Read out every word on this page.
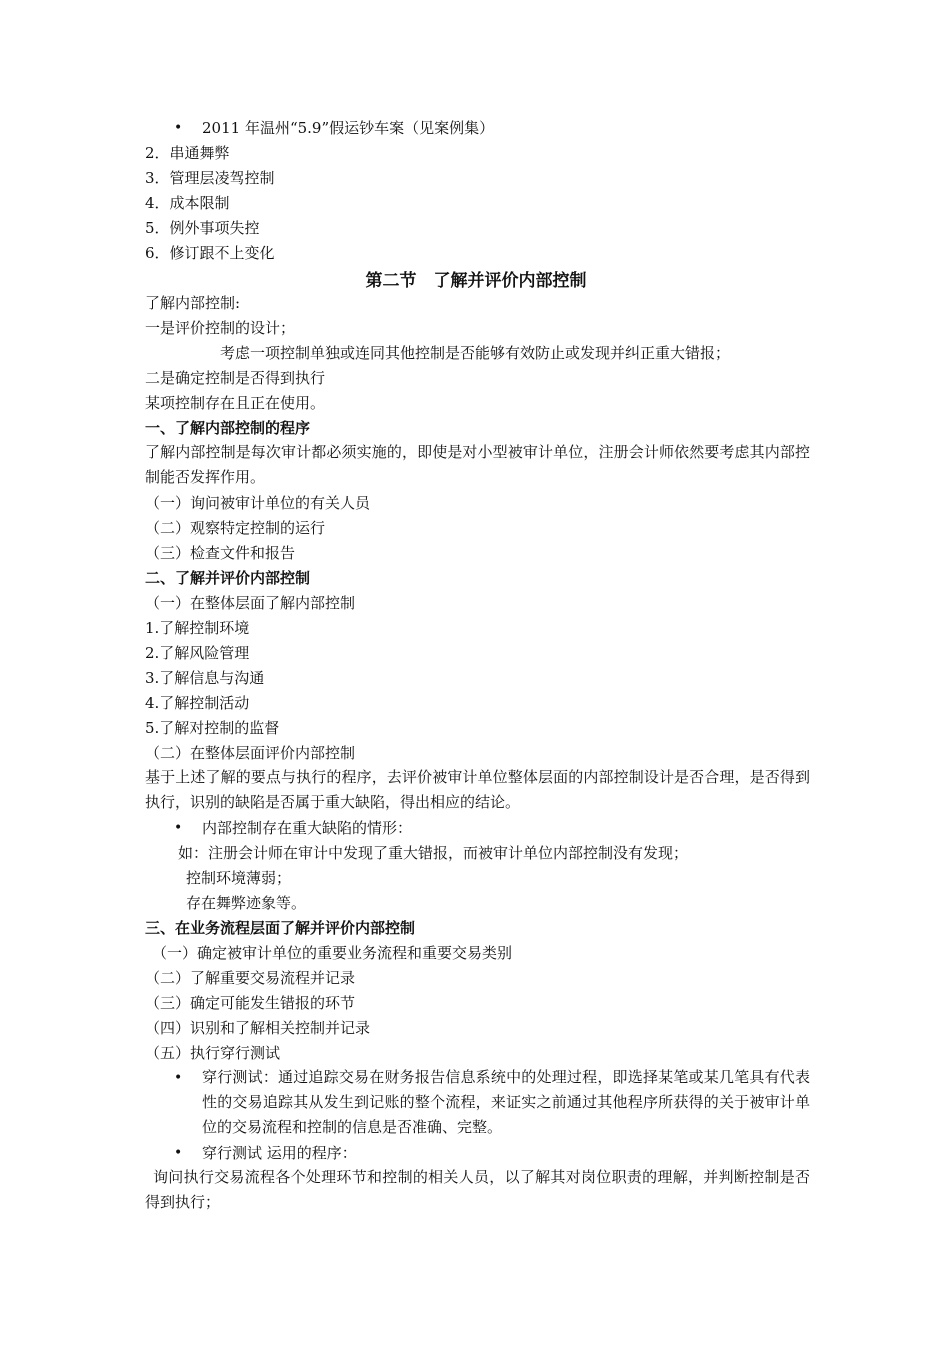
• 2011 年温州“5.9”假运钞车案（见案例集）
2．串通舞弊
3．管理层凌驾控制
4．成本限制
5．例外事项失控
6．修订跟不上变化
第二节　了解并评价内部控制
了解内部控制:
一是评价控制的设计；
考虑一项控制单独或连同其他控制是否能够有效防止或发现并纠正重大错报；
二是确定控制是否得到执行
某项控制存在且正在使用。
一、了解内部控制的程序
了解内部控制是每次审计都必须实施的，即使是对小型被审计单位，注册会计师依然要考虑其内部控制能否发挥作用。
（一）询问被审计单位的有关人员
（二）观察特定控制的运行
（三）检查文件和报告
二、了解并评价内部控制
（一）在整体层面了解内部控制
1.了解控制环境
2.了解风险管理
3.了解信息与沟通
4.了解控制活动
5.了解对控制的监督
（二）在整体层面评价内部控制
基于上述了解的要点与执行的程序，去评价被审计单位整体层面的内部控制设计是否合理，是否得到执行，识别的缺陷是否属于重大缺陷，得出相应的结论。
• 内部控制存在重大缺陷的情形：
如：注册会计师在审计中发现了重大错报，而被审计单位内部控制没有发现；
控制环境薄弱；
存在舞弊迹象等。
三、在业务流程层面了解并评价内部控制
（一）确定被审计单位的重要业务流程和重要交易类别
（二）了解重要交易流程并记录
（三）确定可能发生错报的环节
（四）识别和了解相关控制并记录
（五）执行穿行测试
• 穿行测试：通过追踪交易在财务报告信息系统中的处理过程，即选择某笔或某几笔具有代表性的交易追踪其从发生到记账的整个流程，来证实之前通过其他程序所获得的关于被审计单位的交易流程和控制的信息是否准确、完整。
• 穿行测试 运用的程序：
询问执行交易流程各个处理环节和控制的相关人员，以了解其对岗位职责的理解，并判断控制是否得到执行；
